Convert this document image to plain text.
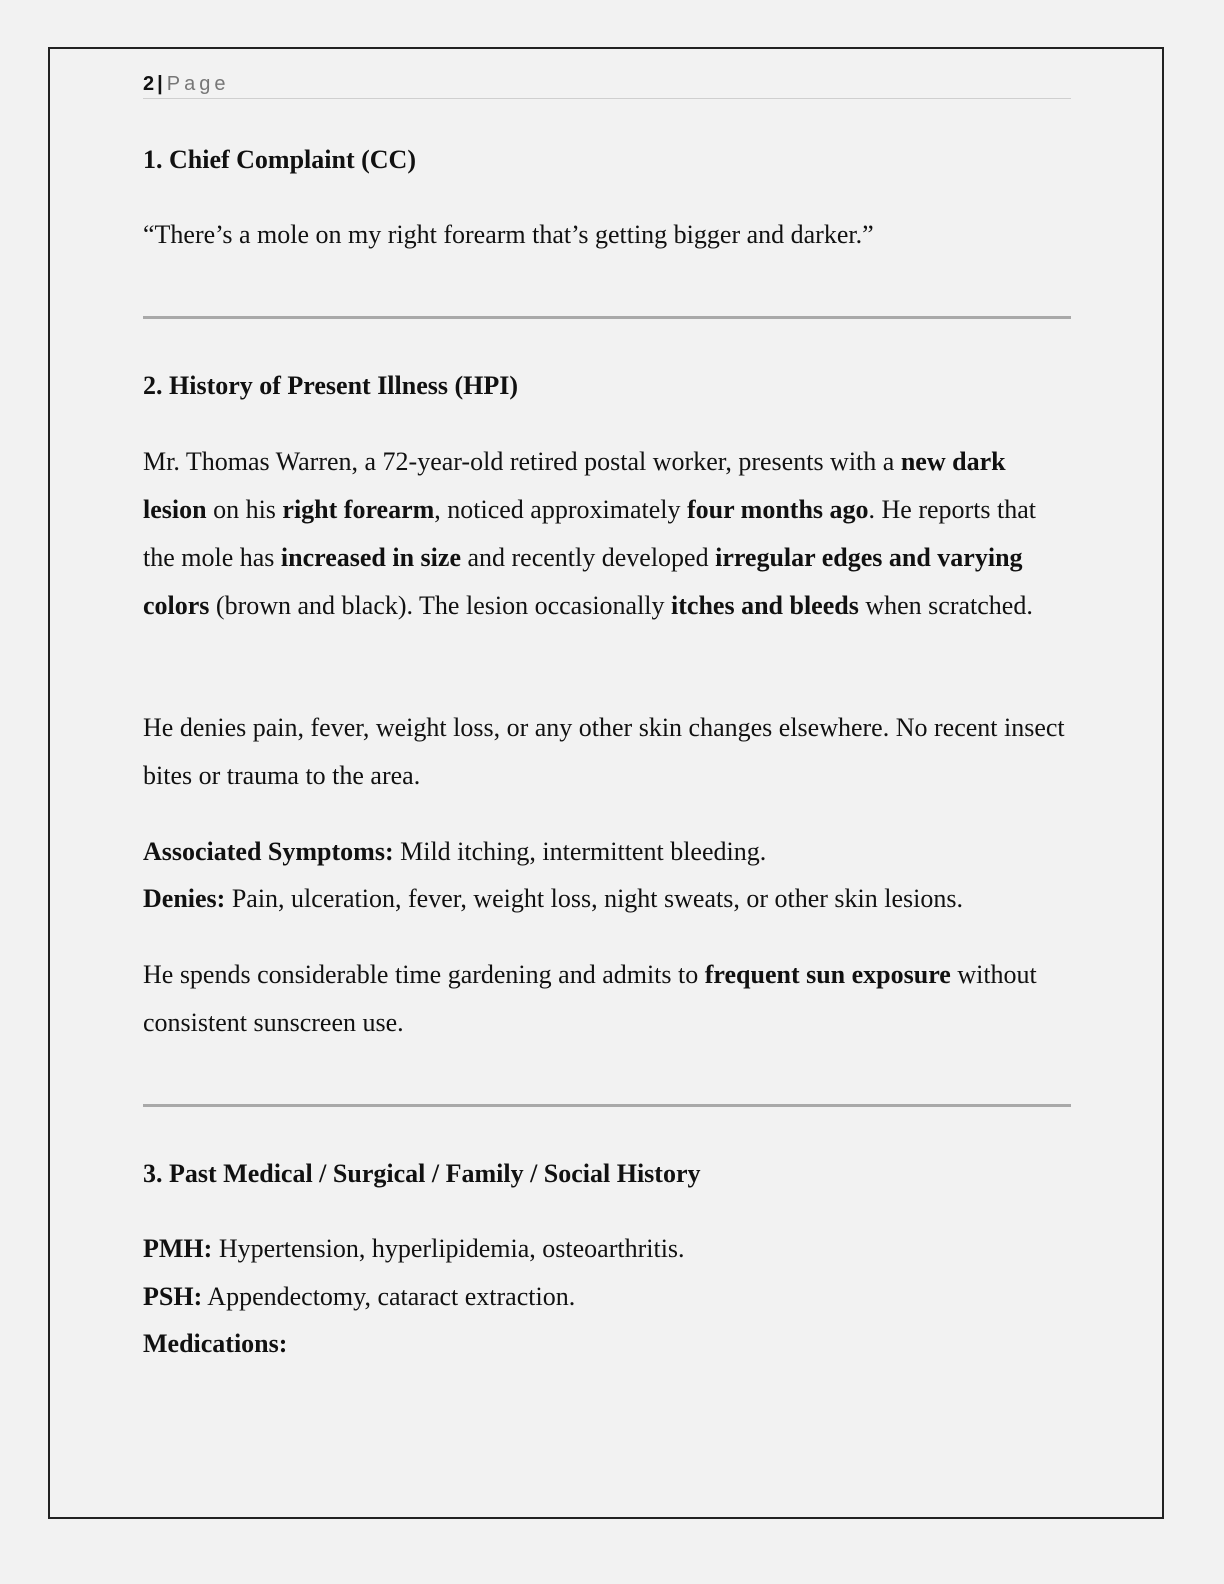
2 | Page
1. Chief Complaint (CC)
“There’s a mole on my right forearm that’s getting bigger and darker.”
2. History of Present Illness (HPI)
Mr. Thomas Warren, a 72-year-old retired postal worker, presents with a new dark lesion on his right forearm, noticed approximately four months ago. He reports that the mole has increased in size and recently developed irregular edges and varying colors (brown and black). The lesion occasionally itches and bleeds when scratched.
He denies pain, fever, weight loss, or any other skin changes elsewhere. No recent insect bites or trauma to the area.
Associated Symptoms: Mild itching, intermittent bleeding.
Denies: Pain, ulceration, fever, weight loss, night sweats, or other skin lesions.
He spends considerable time gardening and admits to frequent sun exposure without consistent sunscreen use.
3. Past Medical / Surgical / Family / Social History
PMH: Hypertension, hyperlipidemia, osteoarthritis.
PSH: Appendectomy, cataract extraction.
Medications:
